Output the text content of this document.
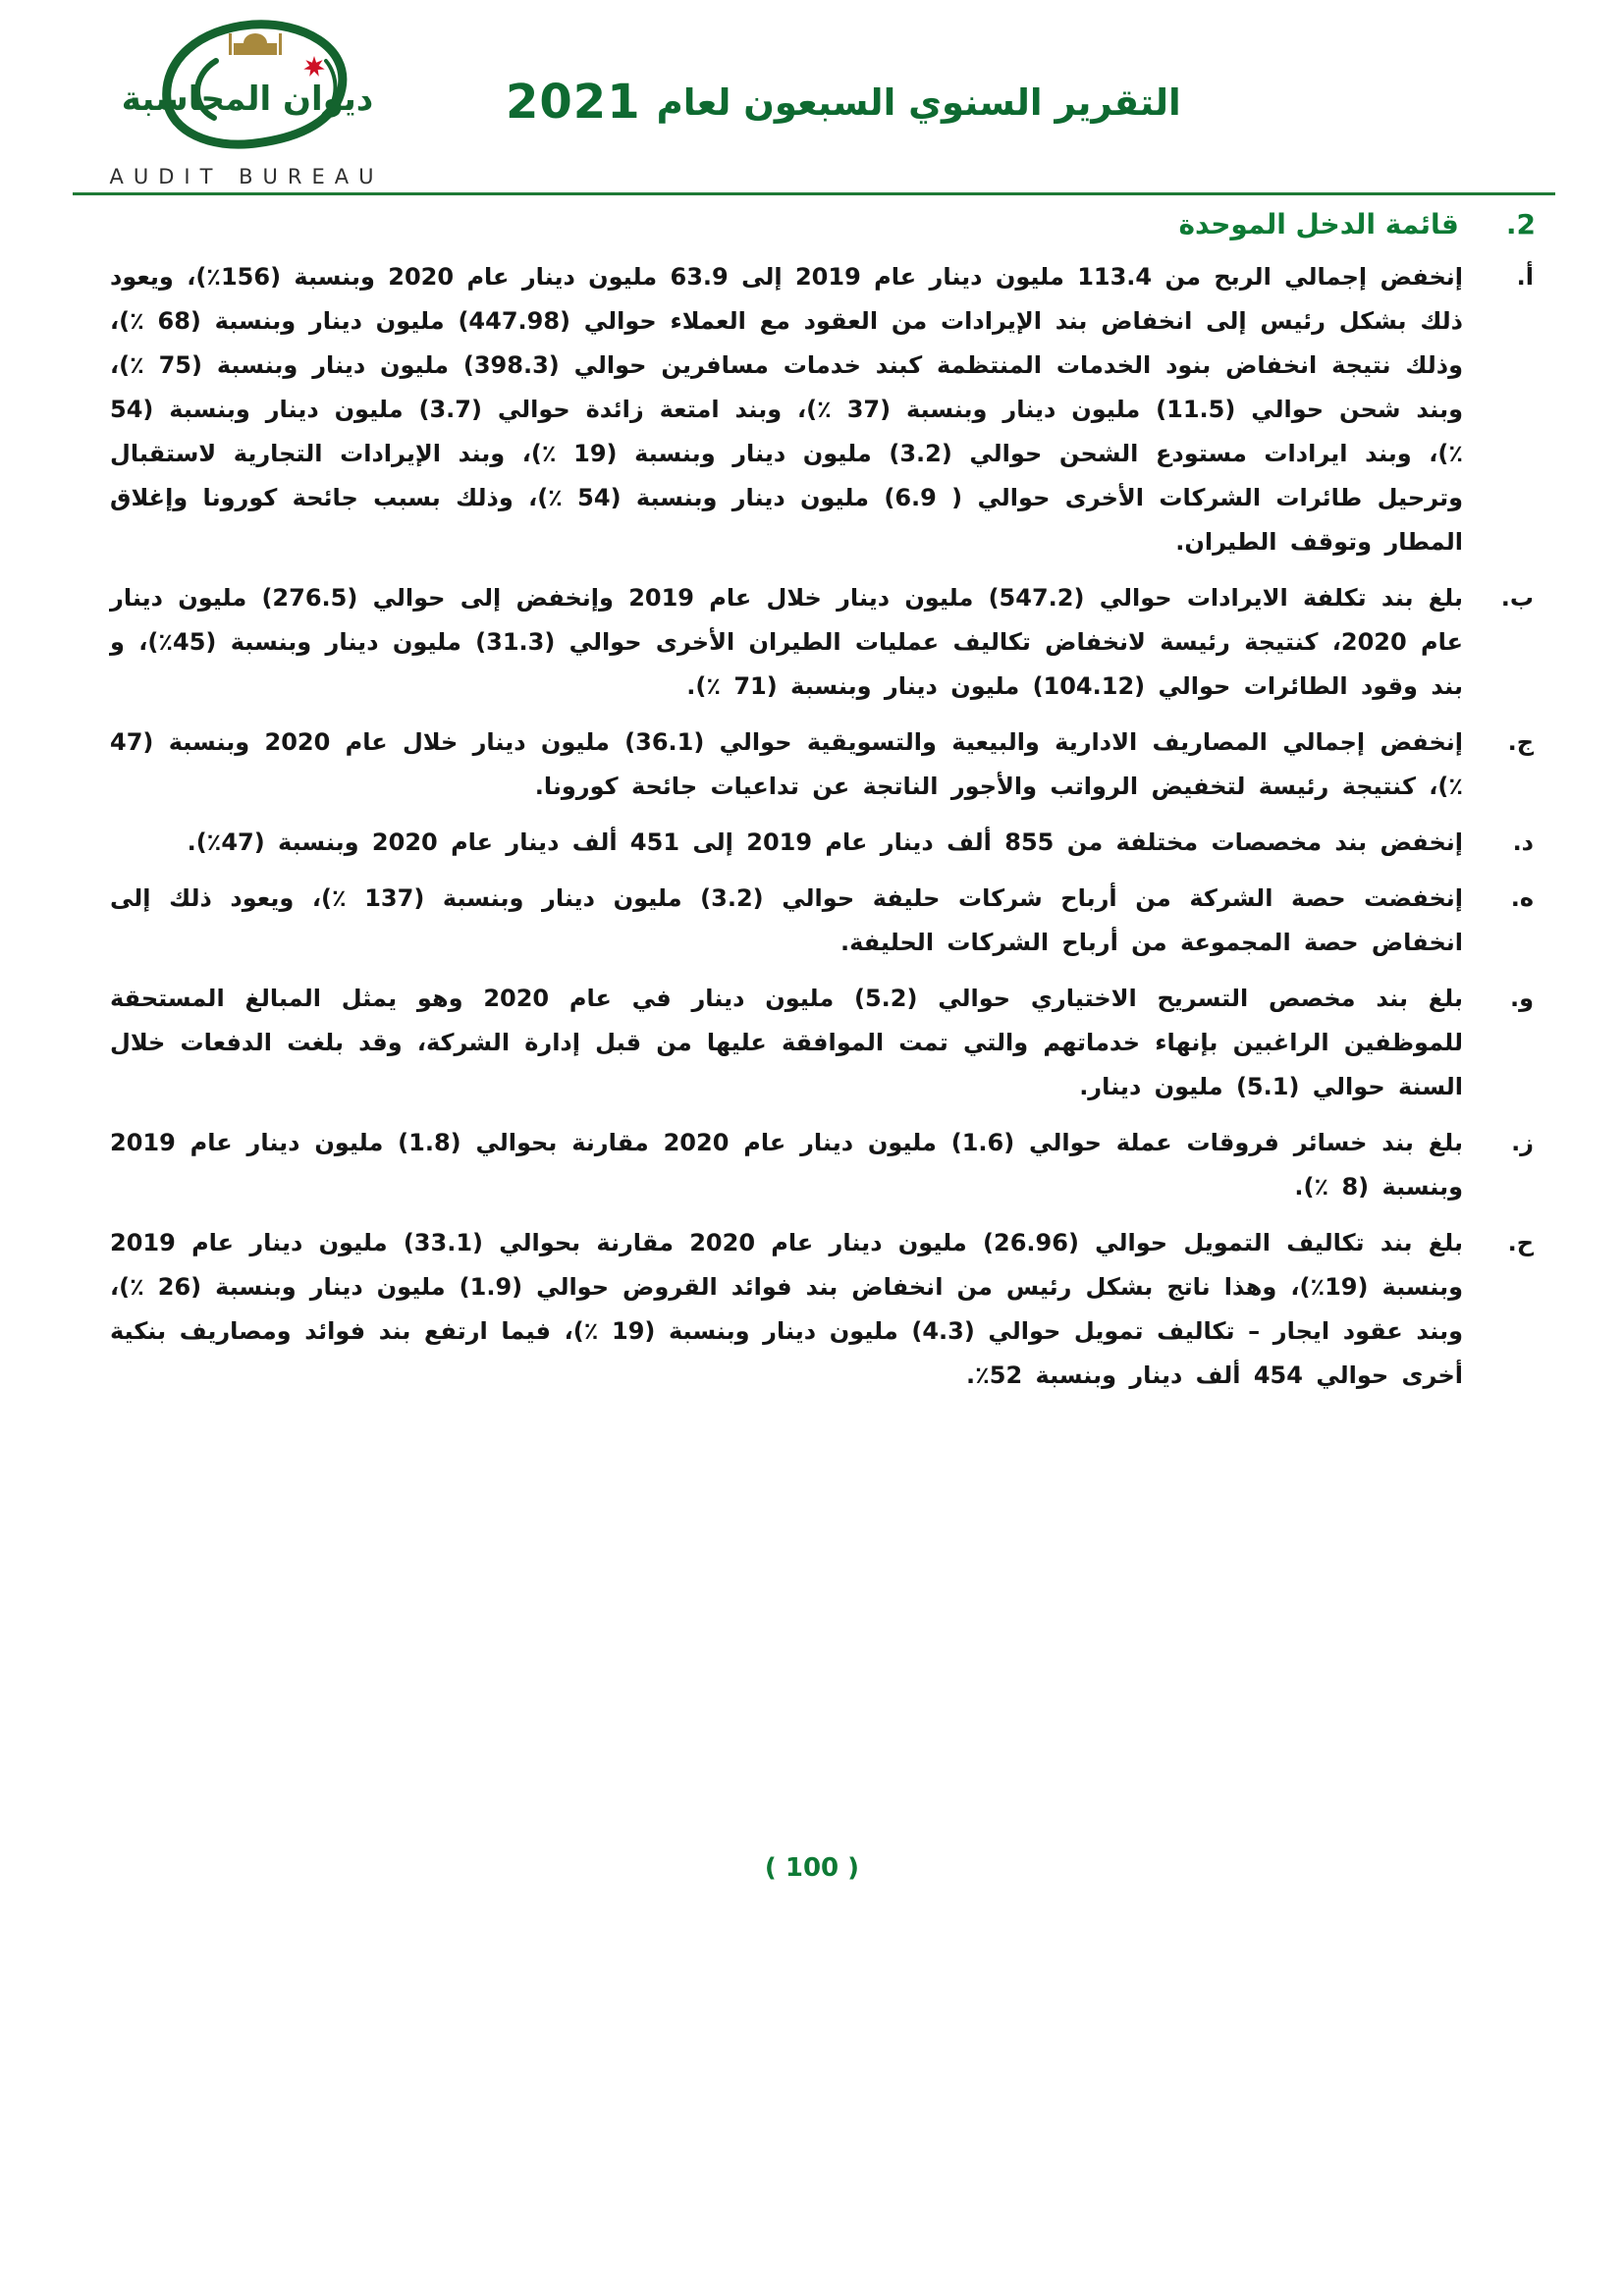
ديوان المحاسبة
AUDIT BUREAU
التقرير السنوي السبعون لعام
2021
2.
قائمة الدخل الموحدة
أ.
إنخفض إجمالي الربح من 113.4 مليون دينار عام 2019 إلى 63.9 مليون دينار عام 2020 وبنسبة (156٪)، ويعود ذلك بشكل رئيس إلى انخفاض بند الإيرادات من العقود مع العملاء حوالي (447.98) مليون دينار وبنسبة (68 ٪)، وذلك نتيجة انخفاض بنود الخدمات المنتظمة كبند خدمات مسافرين حوالي (398.3) مليون دينار وبنسبة (75 ٪)، وبند شحن حوالي (11.5) مليون دينار وبنسبة (37 ٪)، وبند امتعة زائدة حوالي (3.7) مليون دينار وبنسبة (54 ٪)، وبند ايرادات مستودع الشحن حوالي (3.2) مليون دينار وبنسبة (19 ٪)، وبند الإيرادات التجارية لاستقبال وترحيل طائرات الشركات الأخرى حوالي ( 6.9) مليون دينار وبنسبة (54 ٪)، وذلك بسبب جائحة كورونا وإغلاق المطار وتوقف الطيران.
ب.
بلغ بند تكلفة الايرادات حوالي (547.2) مليون دينار خلال عام 2019 وإنخفض إلى حوالي (276.5) مليون دينار عام 2020، كنتيجة رئيسة لانخفاض تكاليف عمليات الطيران الأخرى حوالي (31.3) مليون دينار وبنسبة (45٪)، و بند وقود الطائرات حوالي (104.12) مليون دينار وبنسبة (71 ٪).
ج.
إنخفض إجمالي المصاريف الادارية والبيعية والتسويقية حوالي (36.1) مليون دينار خلال عام 2020 وبنسبة (47 ٪)، كنتيجة رئيسة لتخفيض الرواتب والأجور الناتجة عن تداعيات جائحة كورونا.
د.
إنخفض بند مخصصات مختلفة من 855 ألف دينار عام 2019 إلى 451 ألف دينار عام 2020 وبنسبة (47٪).
ه.
إنخفضت حصة الشركة من أرباح شركات حليفة حوالي (3.2) مليون دينار وبنسبة (137 ٪)، ويعود ذلك إلى انخفاض حصة المجموعة من أرباح الشركات الحليفة.
و.
بلغ بند مخصص التسريح الاختياري حوالي (5.2) مليون دينار في عام 2020 وهو يمثل المبالغ المستحقة للموظفين الراغبين بإنهاء خدماتهم والتي تمت الموافقة عليها من قبل إدارة الشركة، وقد بلغت الدفعات خلال السنة حوالي (5.1) مليون دينار.
ز.
بلغ بند خسائر فروقات عملة حوالي (1.6) مليون دينار عام 2020 مقارنة بحوالي (1.8) مليون دينار عام 2019 وبنسبة (8 ٪).
ح.
بلغ بند تكاليف التمويل حوالي (26.96) مليون دينار عام 2020 مقارنة بحوالي (33.1) مليون دينار عام 2019 وبنسبة (19٪)، وهذا ناتج بشكل رئيس من انخفاض بند فوائد القروض حوالي (1.9) مليون دينار وبنسبة (26 ٪)، وبند عقود ايجار – تكاليف تمويل حوالي (4.3) مليون دينار وبنسبة (19 ٪)، فيما ارتفع بند فوائد ومصاريف بنكية أخرى حوالي 454 ألف دينار وبنسبة 52٪.
( 100 )
